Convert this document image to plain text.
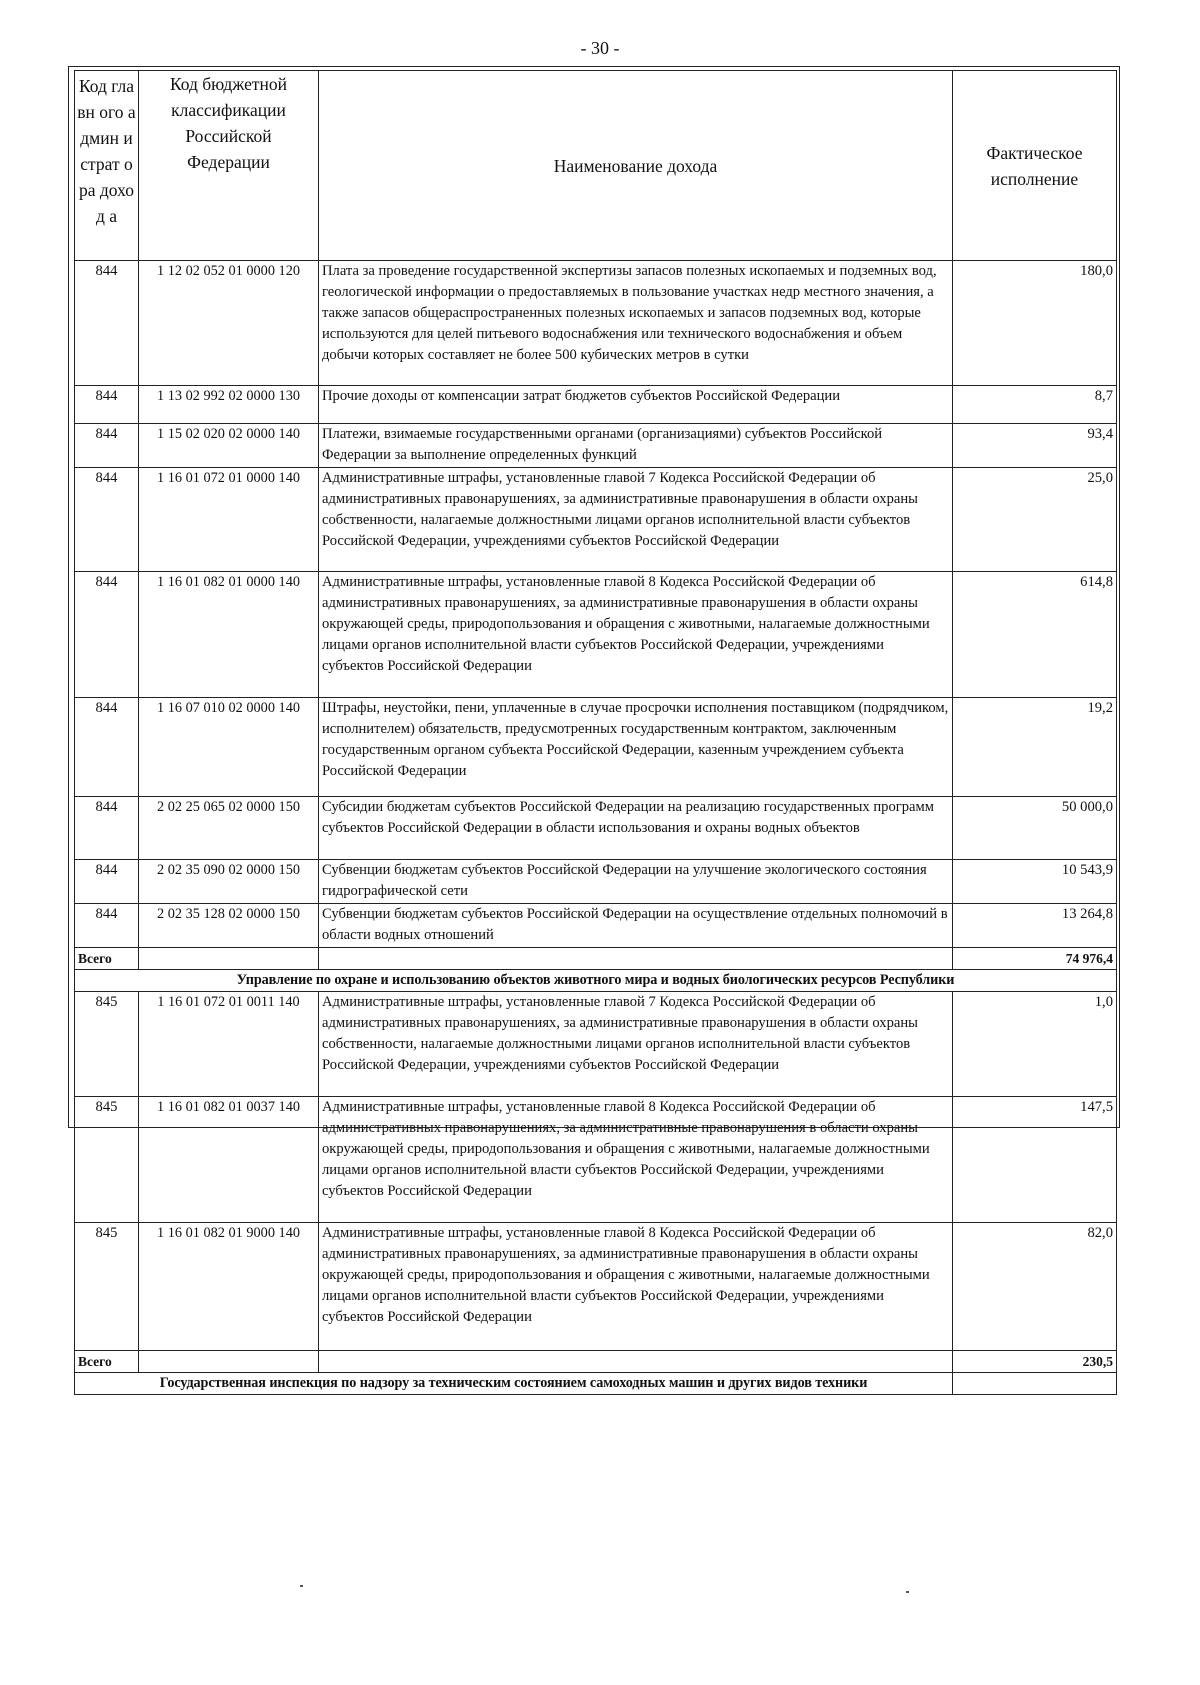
- 30 -
Код главн ого админ истрат ора доход а	Код бюджетной классификации Российской Федерации	Наименование дохода	Фактическое исполнение
844	1 12 02 052 01 0000 120	Плата за проведение государственной экспертизы запасов полезных ископаемых и подземных вод, геологической информации о предоставляемых в пользование участках недр местного значения, а также запасов общераспространенных полезных ископаемых и запасов подземных вод, которые используются для целей питьевого водоснабжения или технического водоснабжения и объем добычи которых составляет не более 500 кубических метров в сутки	180,0
844	1 13 02 992 02 0000 130	Прочие доходы от компенсации затрат бюджетов субъектов Российской Федерации	8,7
844	1 15 02 020 02 0000 140	Платежи, взимаемые государственными органами (организациями) субъектов Российской Федерации за выполнение определенных функций	93,4
844	1 16 01 072 01 0000 140	Административные штрафы, установленные главой 7 Кодекса Российской Федерации об административных правонарушениях, за административные правонарушения в области охраны собственности, налагаемые должностными лицами органов исполнительной власти субъектов Российской Федерации, учреждениями субъектов Российской Федерации	25,0
844	1 16 01 082 01 0000 140	Административные штрафы, установленные главой 8 Кодекса Российской Федерации об административных правонарушениях, за административные правонарушения в области охраны окружающей среды, природопользования и обращения с животными, налагаемые должностными лицами органов исполнительной власти субъектов Российской Федерации, учреждениями субъектов Российской Федерации	614,8
844	1 16 07 010 02 0000 140	Штрафы, неустойки, пени, уплаченные в случае просрочки исполнения поставщиком (подрядчиком, исполнителем) обязательств, предусмотренных государственным контрактом, заключенным государственным органом субъекта Российской Федерации, казенным учреждением субъекта Российской Федерации	19,2
844	2 02 25 065 02 0000 150	Субсидии бюджетам субъектов Российской Федерации на реализацию государственных программ субъектов Российской Федерации в области использования и охраны водных объектов	50 000,0
844	2 02 35 090 02 0000 150	Субвенции бюджетам субъектов Российской Федерации на улучшение экологического состояния гидрографической сети	10 543,9
844	2 02 35 128 02 0000 150	Субвенции бюджетам субъектов Российской Федерации на осуществление отдельных полномочий в области водных отношений	13 264,8
Всего			74 976,4
Управление по охране и использованию объектов животного мира и водных биологических ресурсов Республики			
845	1 16 01 072 01 0011 140	Административные штрафы, установленные главой 7 Кодекса Российской Федерации об административных правонарушениях, за административные правонарушения в области охраны собственности, налагаемые должностными лицами органов исполнительной власти субъектов Российской Федерации, учреждениями субъектов Российской Федерации	1,0
845	1 16 01 082 01 0037 140	Административные штрафы, установленные главой 8 Кодекса Российской Федерации об административных правонарушениях, за административные правонарушения в области охраны окружающей среды, природопользования и обращения с животными, налагаемые должностными лицами органов исполнительной власти субъектов Российской Федерации, учреждениями субъектов Российской Федерации	147,5
845	1 16 01 082 01 9000 140	Административные штрафы, установленные главой 8 Кодекса Российской Федерации об административных правонарушениях, за административные правонарушения в области охраны окружающей среды, природопользования и обращения с животными, налагаемые должностными лицами органов исполнительной власти субъектов Российской Федерации, учреждениями субъектов Российской Федерации	82,0
Всего			230,5
Государственная инспекция по надзору за техническим состоянием самоходных машин и других видов техники			
